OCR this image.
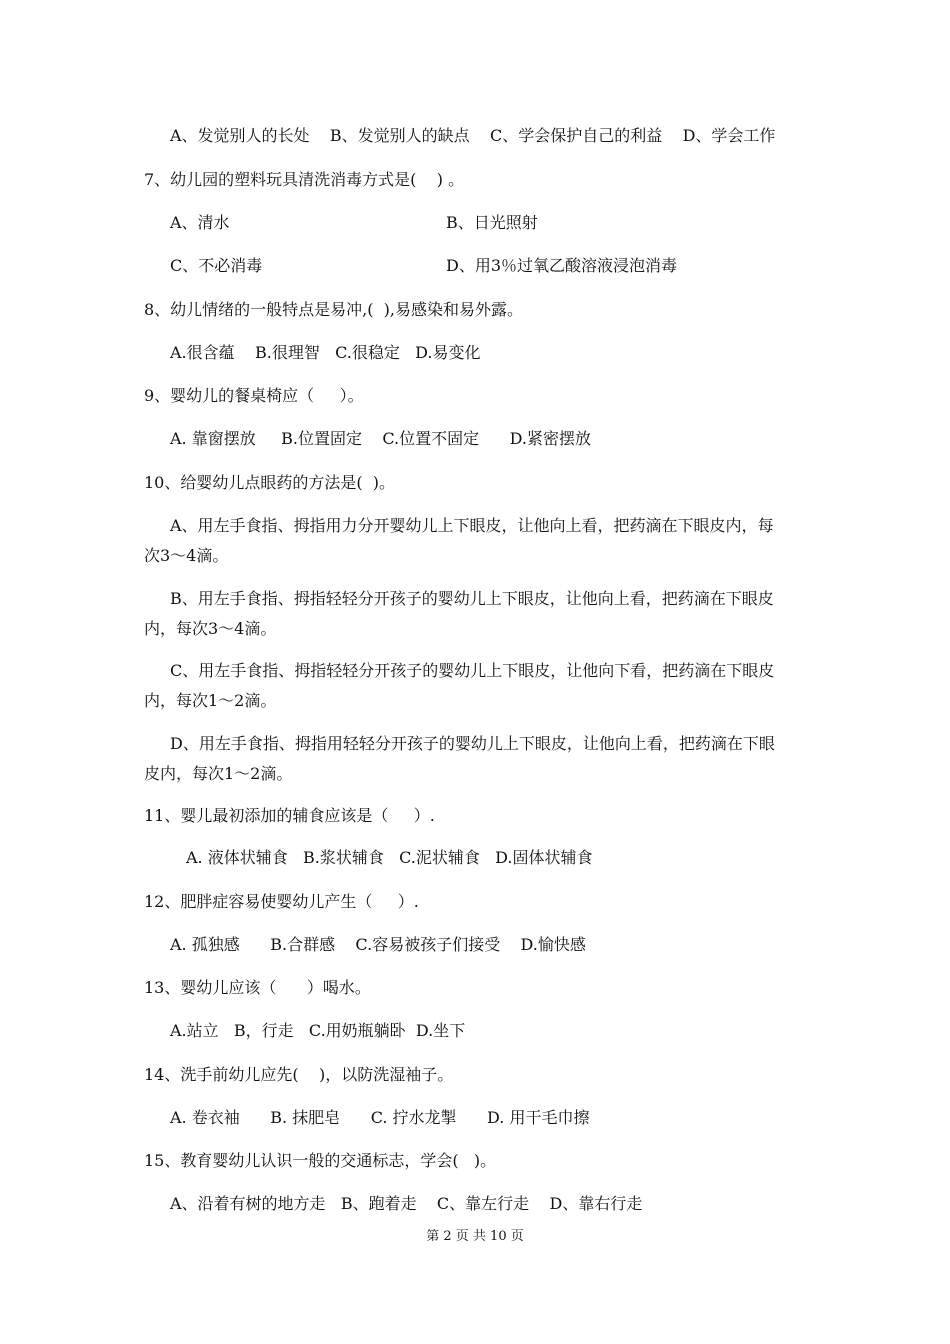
A、发觉别人的长处    B、发觉别人的缺点    C、学会保护自己的利益    D、学会工作
7、幼儿园的塑料玩具清洗消毒方式是(    ) 。
A、清水	B、日光照射
C、不必消毒	D、用3％过氧乙酸溶液浸泡消毒
8、幼儿情绪的一般特点是易冲,(  ),易感染和易外露。
A.很含蕴    B.很理智   C.很稳定   D.易变化
9、婴幼儿的餐桌椅应（     ）。
A. 靠窗摆放     B.位置固定    C.位置不固定      D.紧密摆放
10、给婴幼儿点眼药的方法是(  )。
A、用左手食指、拇指用力分开婴幼儿上下眼皮，让他向上看，把药滴在下眼皮内，每
次3～4滴。
B、用左手食指、拇指轻轻分开孩子的婴幼儿上下眼皮，让他向上看，把药滴在下眼皮
内，每次3～4滴。
C、用左手食指、拇指轻轻分开孩子的婴幼儿上下眼皮，让他向下看，把药滴在下眼皮
内，每次1～2滴。
D、用左手食指、拇指用轻轻分开孩子的婴幼儿上下眼皮，让他向上看，把药滴在下眼
皮内，每次1～2滴。
11、婴儿最初添加的辅食应该是（     ）.
A. 液体状辅食   B.浆状辅食   C.泥状辅食   D.固体状辅食
12、肥胖症容易使婴幼儿产生（     ）.
A. 孤独感      B.合群感    C.容易被孩子们接受    D.愉快感
13、婴幼儿应该（      ）喝水。
A.站立   B，行走   C.用奶瓶躺卧  D.坐下
14、洗手前幼儿应先(    )，以防洗湿袖子。
A. 卷衣袖      B. 抹肥皂      C. 拧水龙掣      D. 用干毛巾擦
15、教育婴幼儿认识一般的交通标志，学会(   )。
A、沿着有树的地方走   B、跑着走    C、靠左行走    D、靠右行走
第 2 页 共 10 页
